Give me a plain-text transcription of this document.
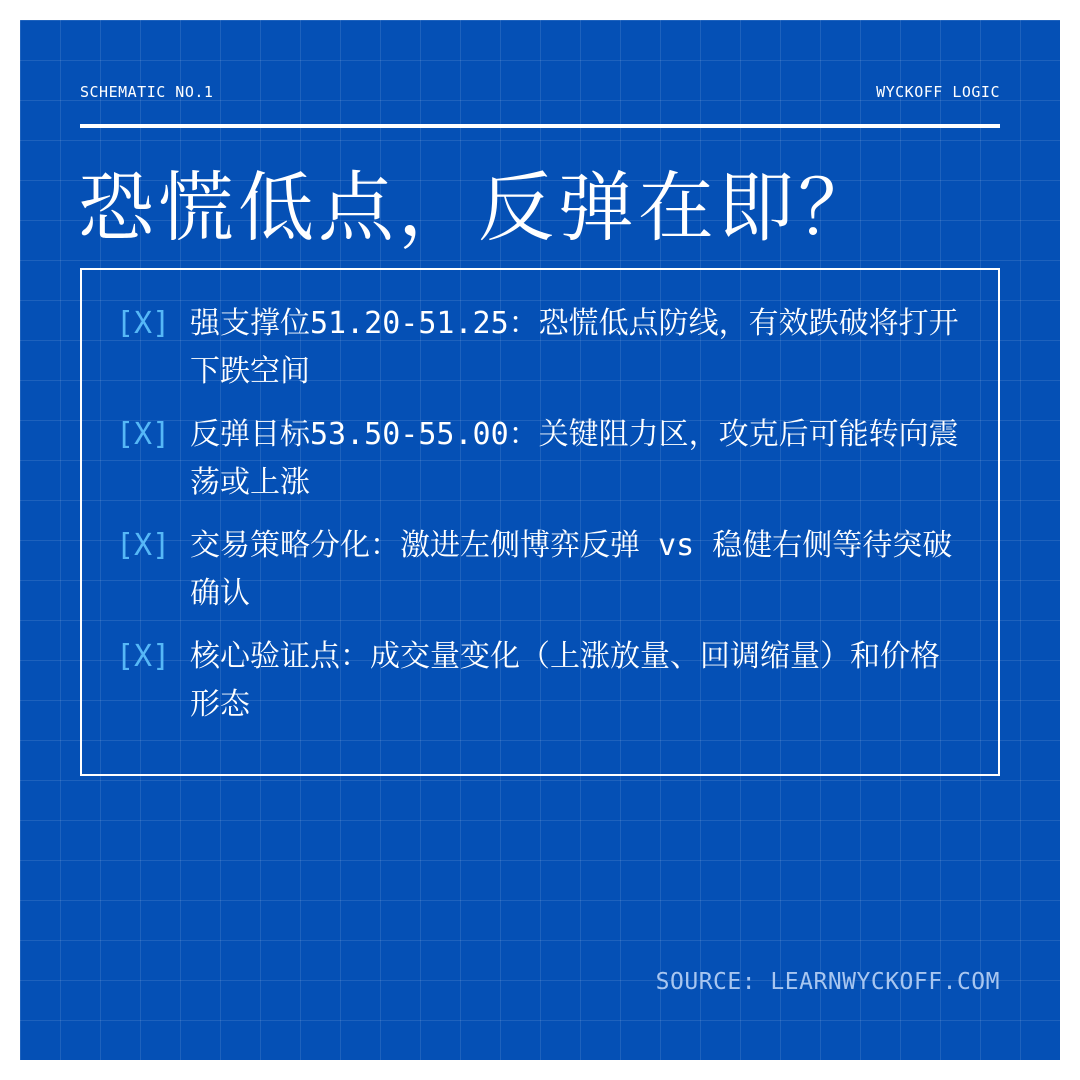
SCHEMATIC NO.1	WYCKOFF LOGIC
恐慌低点，反弹在即？
[X] 强支撑位51.20-51.25：恐慌低点防线，有效跌破将打开下跌空间
[X] 反弹目标53.50-55.00：关键阻力区，攻克后可能转向震荡或上涨
[X] 交易策略分化：激进左侧博弈反弹 vs 稳健右侧等待突破确认
[X] 核心验证点：成交量变化（上涨放量、回调缩量）和价格形态
SOURCE: LEARNWYCKOFF.COM
